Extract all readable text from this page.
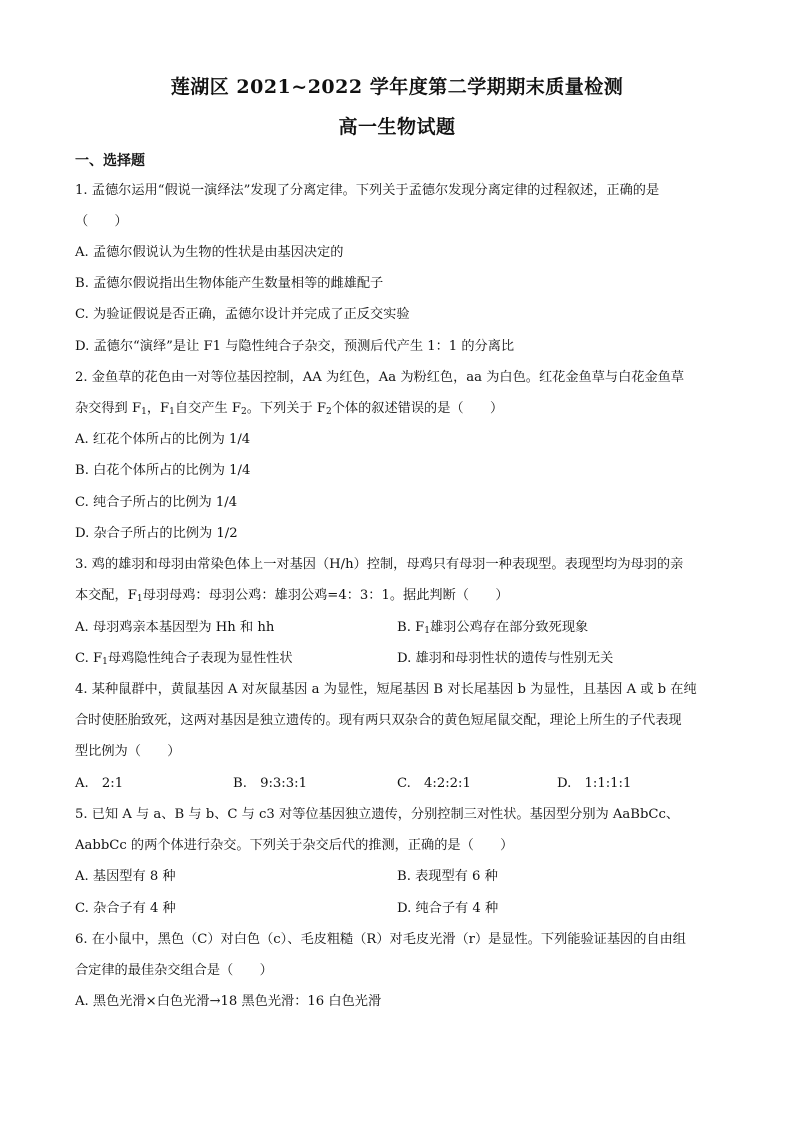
莲湖区 2021~2022 学年度第二学期期末质量检测
高一生物试题
一、选择题
1. 孟德尔运用“假说一演绎法”发现了分离定律。下列关于孟德尔发现分离定律的过程叙述，正确的是
（　　）
A. 孟德尔假说认为生物的性状是由基因决定的
B. 孟德尔假说指出生物体能产生数量相等的雌雄配子
C. 为验证假说是否正确，孟德尔设计并完成了正反交实验
D. 孟德尔“演绎”是让 F1 与隐性纯合子杂交，预测后代产生 1：1 的分离比
2. 金鱼草的花色由一对等位基因控制，AA 为红色，Aa 为粉红色，aa 为白色。红花金鱼草与白花金鱼草
杂交得到 $F_1$，$F_1$自交产生 $F_2$。下列关于 $F_2$个体的叙述错误的是（　　）
A. 红花个体所占的比例为 1/4
B. 白花个体所占的比例为 1/4
C. 纯合子所占的比例为 1/4
D. 杂合子所占的比例为 1/2
3. 鸡的雄羽和母羽由常染色体上一对基因（H/h）控制，母鸡只有母羽一种表现型。表现型均为母羽的亲
本交配，$F_1$母羽母鸡：母羽公鸡：雄羽公鸡=4：3：1。据此判断（　　）
A. 母羽鸡亲本基因型为 Hh 和 hh	B. $F_1$雄羽公鸡存在部分致死现象
C. $F_1$母鸡隐性纯合子表现为显性性状	D. 雄羽和母羽性状的遗传与性别无关
4. 某种鼠群中，黄鼠基因 A 对灰鼠基因 a 为显性，短尾基因 B 对长尾基因 b 为显性，且基因 A 或 b 在纯
合时使胚胎致死，这两对基因是独立遗传的。现有两只双杂合的黄色短尾鼠交配，理论上所生的子代表现
型比例为（　　）
A.　2:1	B.　9:3:3:1	C.　4:2:2:1	D.　1:1:1:1
5. 已知 A 与 a、B 与 b、C 与 c3 对等位基因独立遗传，分别控制三对性状。基因型分别为 AaBbCc、
AabbCc 的两个体进行杂交。下列关于杂交后代的推测，正确的是（　　）
A. 基因型有 8 种	B. 表现型有 6 种
C. 杂合子有 4 种	D. 纯合子有 4 种
6. 在小鼠中，黑色（C）对白色（c）、毛皮粗糙（R）对毛皮光滑（r）是显性。下列能验证基因的自由组
合定律的最佳杂交组合是（　　）
A. 黑色光滑×白色光滑→18 黑色光滑：16 白色光滑
